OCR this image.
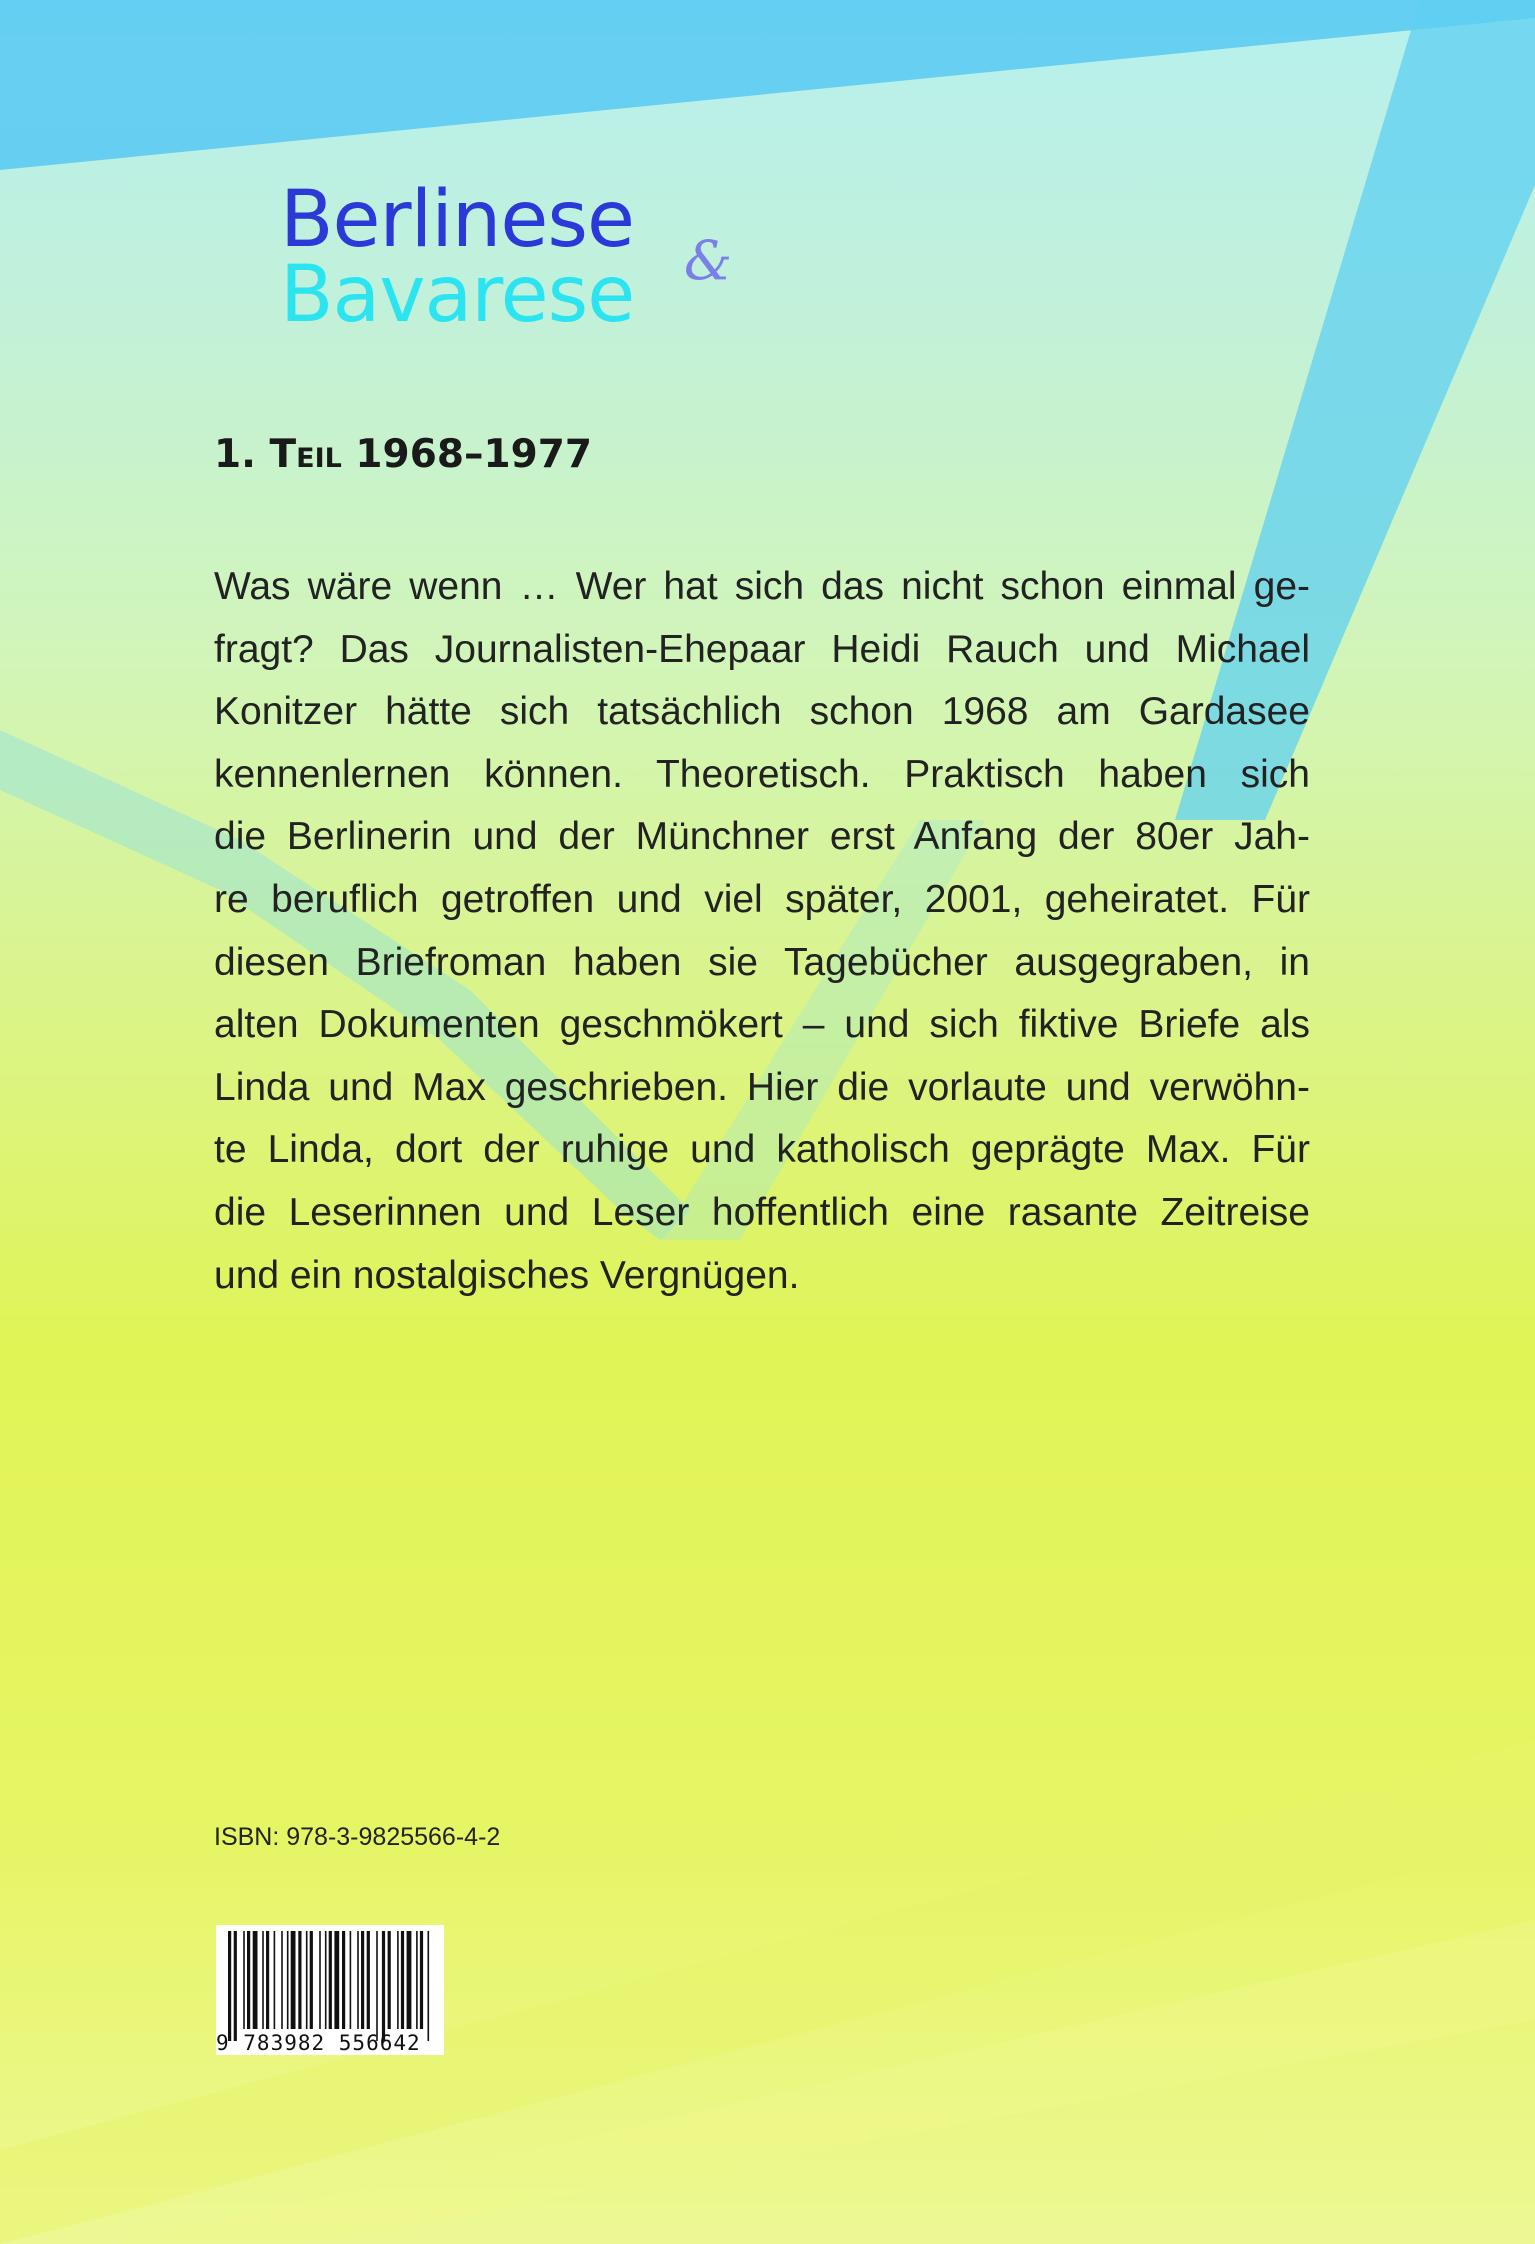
Berlinese
Bavarese &
1. Teil 1968–1977
Was wäre wenn … Wer hat sich das nicht schon einmal ge-
fragt? Das Journalisten-Ehepaar Heidi Rauch und Michael
Konitzer hätte sich tatsächlich schon 1968 am Gardasee
kennenlernen können. Theoretisch. Praktisch haben sich
die Berlinerin und der Münchner erst Anfang der 80er Jah-
re beruflich getroffen und viel später, 2001, geheiratet. Für
diesen Briefroman haben sie Tagebücher ausgegraben, in
alten Dokumenten geschmökert – und sich fiktive Briefe als
Linda und Max geschrieben. Hier die vorlaute und verwöhn-
te Linda, dort der ruhige und katholisch geprägte Max. Für
die Leserinnen und Leser hoffentlich eine rasante Zeitreise
und ein nostalgisches Vergnügen.
ISBN: 978-3-9825566-4-2
9 783982 556642
